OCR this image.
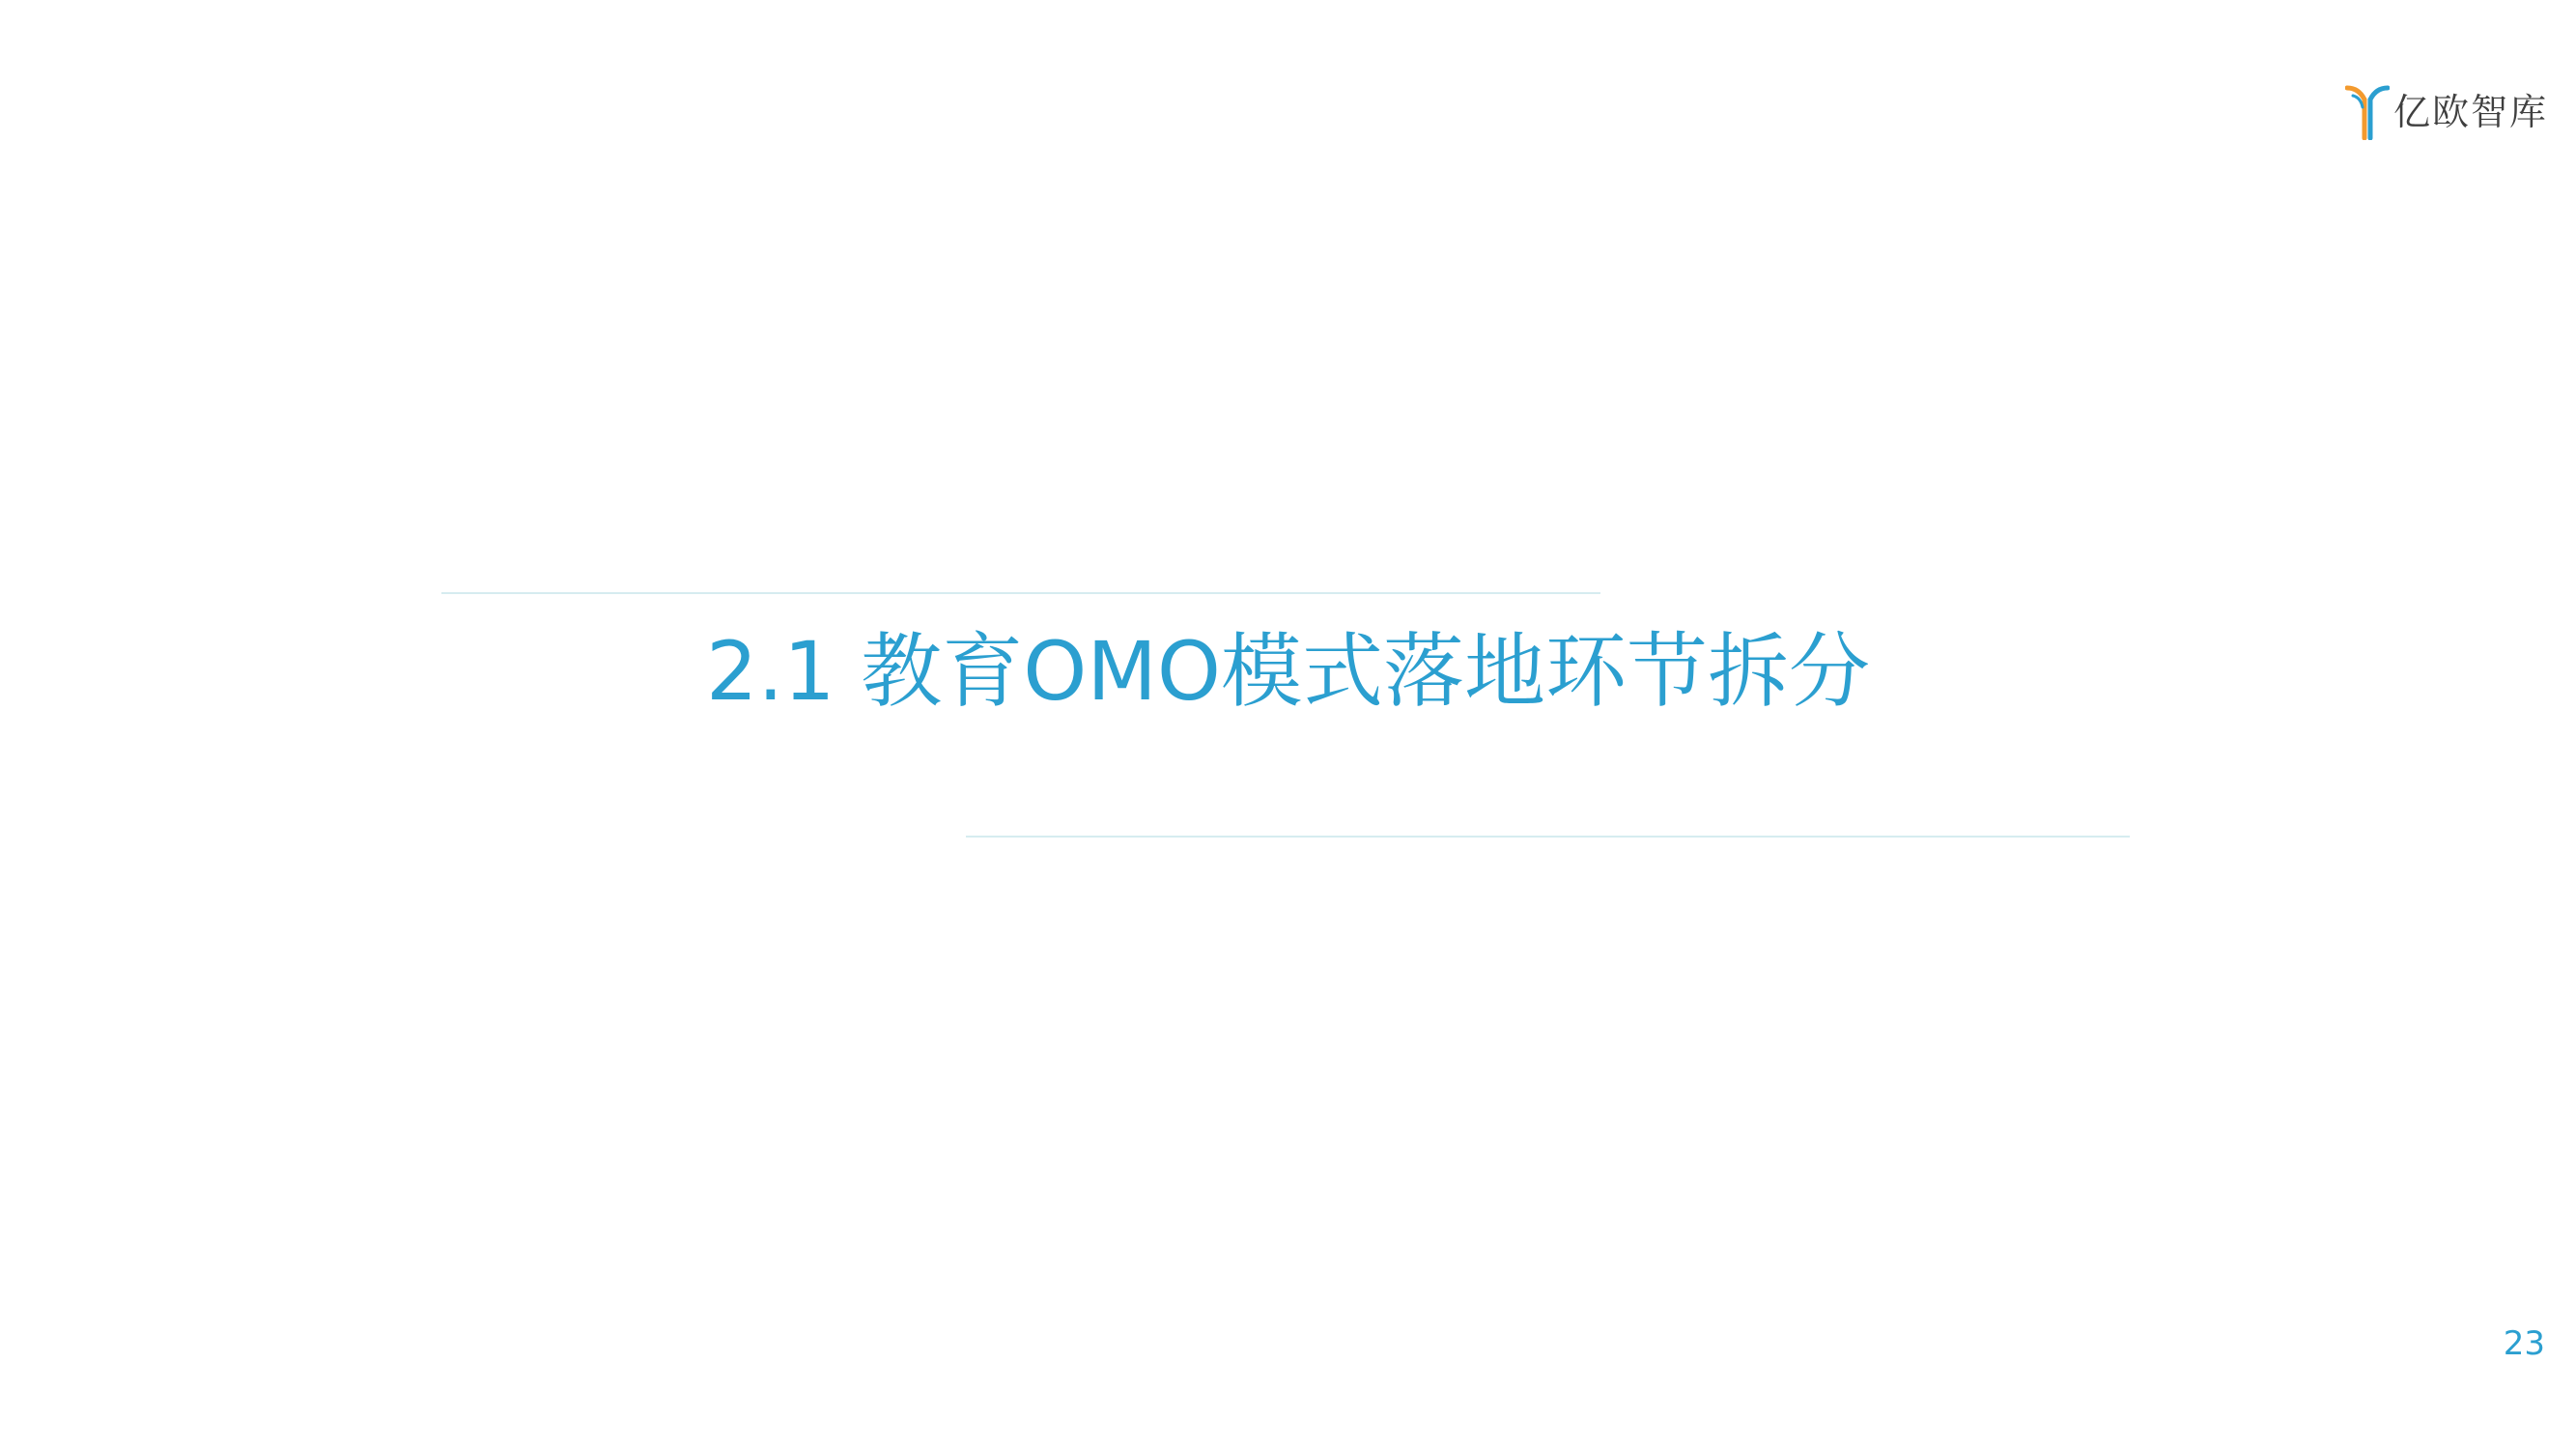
亿欧智库
2.1 教育OMO模式落地环节拆分
23
